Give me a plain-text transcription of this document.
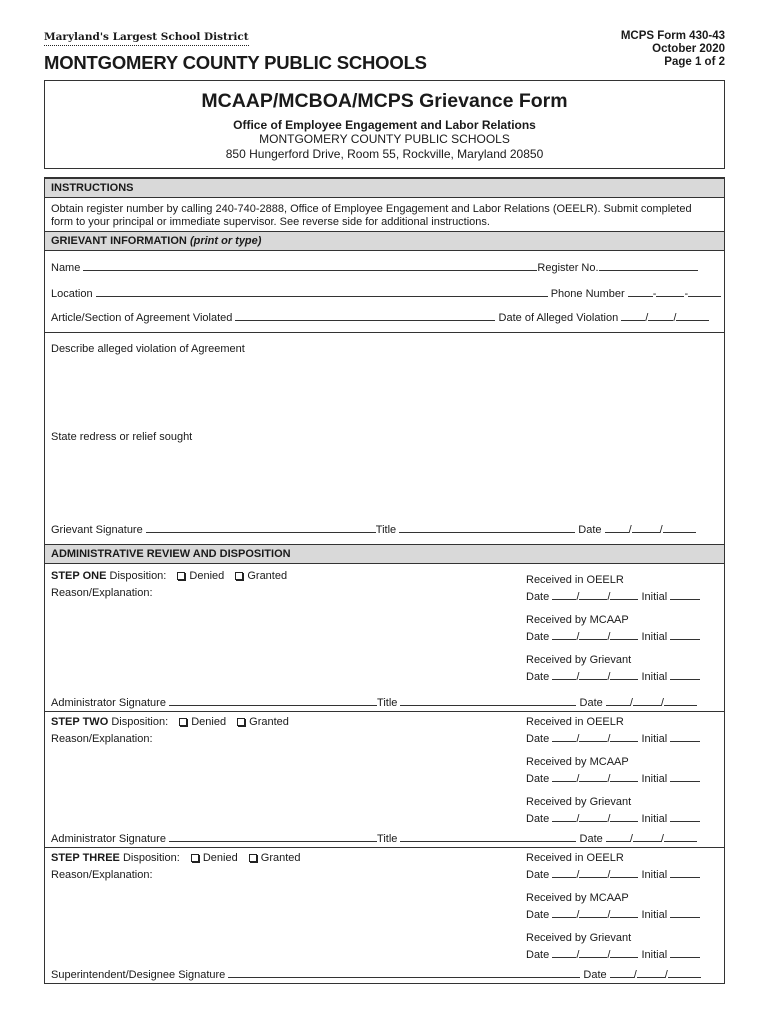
Maryland's Largest School District
MONTGOMERY COUNTY PUBLIC SCHOOLS
MCPS Form 430-43
October 2020
Page 1 of 2
MCAAP/MCBOA/MCPS Grievance Form
Office of Employee Engagement and Labor Relations
MONTGOMERY COUNTY PUBLIC SCHOOLS
850 Hungerford Drive, Room 55, Rockville, Maryland 20850
INSTRUCTIONS
Obtain register number by calling 240-740-2888, Office of Employee Engagement and Labor Relations (OEELR). Submit completed
form to your principal or immediate supervisor. See reverse side for additional instructions.
GRIEVANT INFORMATION (print or type)
Name	Register No.
Location	Phone Number	-	-
Article/Section of Agreement Violated	Date of Alleged Violation / /
Describe alleged violation of Agreement
State redress or relief sought
Grievant Signature	Title	Date /	/
ADMINISTRATIVE REVIEW AND DISPOSITION
STEP ONE Disposition: Denied Granted
Reason/Explanation:
Received in OEELR
Date /	/	Initial
Received by MCAAP
Date /	/	Initial
Received by Grievant
Date /	/	Initial
Administrator Signature	Title	Date /	/
STEP TWO Disposition: Denied Granted
Reason/Explanation:
Received in OEELR
Date /	/	Initial
Received by MCAAP
Date /	/	Initial
Received by Grievant
Date /	/	Initial
Administrator Signature	Title	Date /	/
STEP THREE Disposition: Denied Granted
Reason/Explanation:
Received in OEELR
Date /	/	Initial
Received by MCAAP
Date /	/	Initial
Received by Grievant
Date /	/	Initial
Superintendent/Designee Signature	Date /	/
